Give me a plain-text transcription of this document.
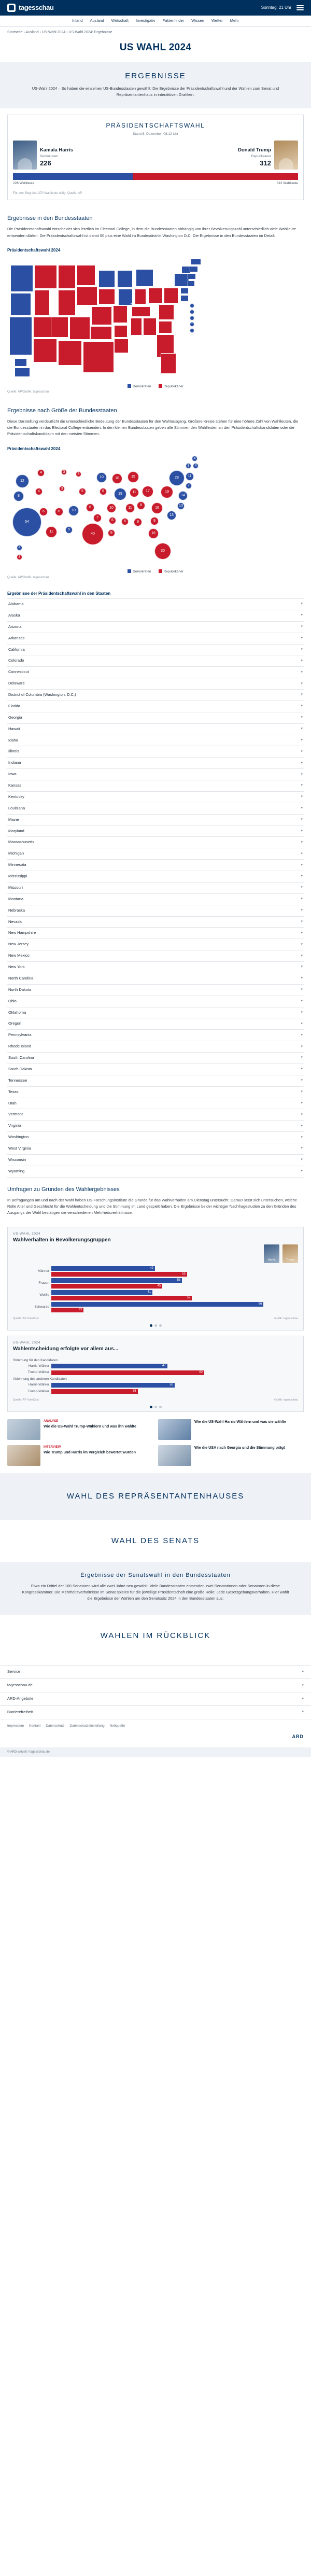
tagesschau	Sonntag, 21 Uhr
Inland Ausland Wirtschaft Investigativ Faktenfinder Wissen Wetter Mehr
Startseite › Ausland › US-Wahl 2024 › US-Wahl 2024: Ergebnisse
US WAHL 2024
ERGEBNISSE

US-Wahl 2024 – So haben die einzelnen US-Bundesstaaten gewählt: Die Ergebnisse der Präsidentschaftswahl und der Wahlen zum Senat und Repräsentantenhaus in interaktiven Grafiken.

PRÄSIDENTSCHAFTSWAHL
Stand 6. Dezember, 08:12 Uhr
Kamala Harris
Demokraten
226
Donald Trump
Republikaner
312
226 Wahlleute	312 Wahlleute
Für den Sieg sind 270 Wahlleute nötig. Quelle: AP
Ergebnisse in den Bundesstaaten
Die Präsidentschaftswahl entscheidet sich letztlich im Electoral College, in dem die Bundesstaaten abhängig von ihrer Bevölkerungszahl unterschiedlich viele Wahlleute entsenden dürfen. Die Präsidentschaftswahl ist damit 50 plus eine Wahl im Bundesdistrikt Washington D.C. Die Ergebnisse in den Bundesstaaten im Detail:
Präsidentschaftswahl 2024
Demokraten	Republikaner
Quelle: AP/Grafik: tagesschau
Ergebnisse nach Größe der Bundesstaaten
Diese Darstellung verdeutlicht die unterschiedliche Bedeutung der Bundesstaaten für den Wahlausgang. Größere Kreise stehen für eine höhere Zahl von Wahlleuten, die die Bundesstaaten in das Electoral College entsenden. In den kleinen Bundesstaaten geben alle Stimmen den Wahlleuten an den Präsidentschaftskandidaten oder die Präsidentschaftskandidatin mit den meisten Stimmen.
Präsidentschaftswahl 2024
12
8
54
4
4
6
11
6
3
3
10
5
3
5
6
40
7
10
6
10
6
8
10
19	11
15
17
11
6	9
8
16
9
16
30
19
28
3
11
7
14
10
4
4
13
4
3
Demokraten	Republikaner
Quelle: AP/Grafik: tagesschau
Ergebnisse der Präsidentschaftswahl in den Staaten
Alabama	▾
Alaska	▾
Arizona	▾
Arkansas	▾
California	▾
Colorado	▾
Connecticut	▾
Delaware	▾
District of Columbia (Washington, D.C.)	▾
Florida	▾
Georgia	▾
Hawaii	▾
Idaho	▾
Illinois	▾
Indiana	▾
Iowa	▾
Kansas	▾
Kentucky	▾
Louisiana	▾
Maine	▾
Maryland	▾
Massachusetts	▾
Michigan	▾
Minnesota	▾
Mississippi	▾
Missouri	▾
Montana	▾
Nebraska	▾
Nevada	▾
New Hampshire	▾
New Jersey	▾
New Mexico	▾
New York	▾
North Carolina	▾
North Dakota	▾
Ohio	▾
Oklahoma	▾
Oregon	▾
Pennsylvania	▾
Rhode Island	▾
South Carolina	▾
South Dakota	▾
Tennessee	▾
Texas	▾
Utah	▾
Vermont	▾
Virginia	▾
Washington	▾
West Virginia	▾
Wisconsin	▾
Wyoming	▾
Umfragen zu Gründen des Wahlergebnisses
In Befragungen am und nach der Wahl haben US-Forschungsinstitute die Gründe für das Wahlverhalten am Dienstag untersucht. Daraus lässt sich untersuchen, welche Rolle Alter und Geschlecht für die Wahlentscheidung und die Stimmung im Land gespielt haben. Die Ergebnisse beider wichtiger Nachfragestudien zu den Gründen des Ausgangs der Wahl bestätigen die verschiedenen Mehrheitsverhältnisse.
US-WAHL 2024
Wahlverhalten in Bevölkerungsgruppen
Harris	Trump
Männer
42
55
Frauen
53
45
Weiße
41
57
Schwarze
86
13
Quelle: AP VoteCast	Grafik: tagesschau
US-WAHL 2024
Wahlentscheidung erfolgte vor allem aus...
Stimmung für den Kandidaten
Harris-Wähler	47
Trump-Wähler	62
Ablehnung des anderen Kandidaten
Harris-Wähler	50
Trump-Wähler	35
Quelle: AP VoteCast	Grafik: tagesschau
ANALYSE
Wie die US-Wahl Trump-Wählern und was ihn wählte
Wie die US-Wahl Harris-Wählern und was sie wählte
INTERVIEW
Wie Trump und Harris im Vergleich bewertet wurden
Wie die USA nach Georgia und die Stimmung prägt
WAHL DES REPRÄSENTANTENHAUSES
WAHL DES SENATS
Ergebnisse der Senatswahl in den Bundesstaaten

Etwa ein Drittel der 100 Senatoren wird alle zwei Jahre neu gewählt. Viele Bundesstaaten entsenden zwei Senatorinnen oder Senatoren in diese Kongresskammer. Die Mehrheitsverhältnisse im Senat spielen für die jeweilige Präsidentschaft eine große Rolle: Jede Gesetzgebungsvorhaben. Hier wählt die Ergebnisse der Wahlen um den Senatssitz 2024 in den Bundesstaaten aus.

WAHLEN IM RÜCKBLICK
Service	▾
tagesschau.de	▾
ARD-Angebote	▾
Barrierefreiheit	▾
Impressum Kontakt Datenschutz Datenschutzeinstellung Netiquette
ARD
© ARD-aktuell / tagesschau.de
